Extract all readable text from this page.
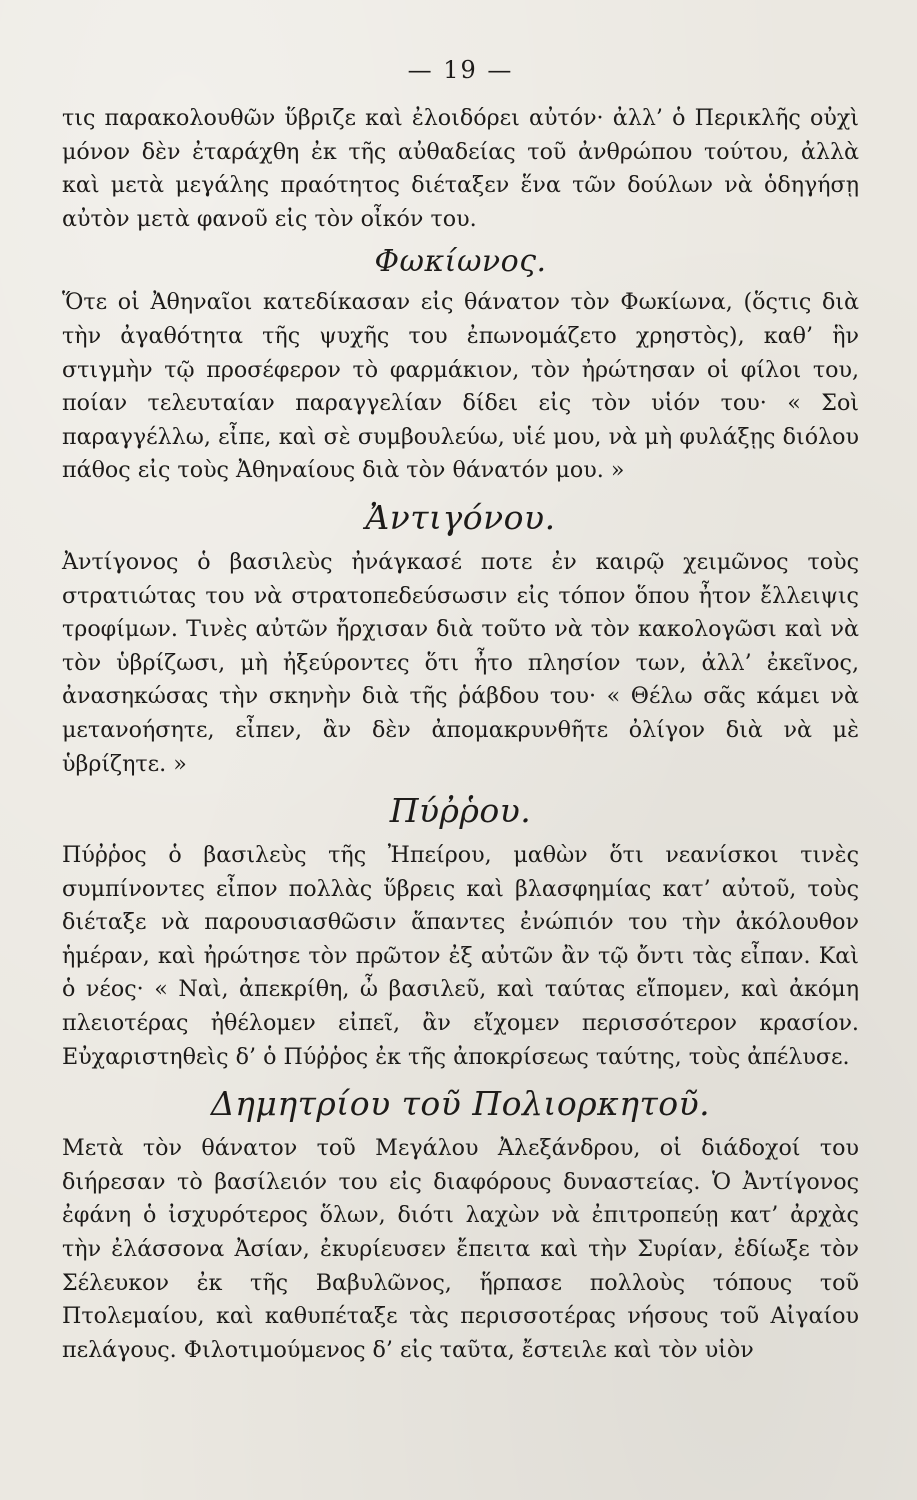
— 19 —

τις παρακολουθῶν ὕβριζε καὶ ἐλοιδόρει αὐτόν· ἀλλ’ ὁ Περικλῆς οὐχὶ μόνον δὲν ἐταράχθη ἐκ τῆς αὐθαδείας τοῦ ἀνθρώπου τούτου, ἀλλὰ καὶ μετὰ μεγάλης πραότητος διέταξεν ἕνα τῶν δούλων νὰ ὁδηγήσῃ αὐτὸν μετὰ φανοῦ εἰς τὸν οἶκόν του.

Φωκίωνος.

Ὅτε οἱ Ἀθηναῖοι κατεδίκασαν εἰς θάνατον τὸν Φωκίωνα, (ὅςτις διὰ τὴν ἀγαθότητα τῆς ψυχῆς του ἐπωνομάζετο χρηστὸς), καθ’ ἣν στιγμὴν τῷ προσέφερον τὸ φαρμάκιον, τὸν ἠρώτησαν οἱ φίλοι του, ποίαν τελευταίαν παραγγελίαν δίδει εἰς τὸν υἱόν του· « Σοὶ παραγγέλλω, εἶπε, καὶ σὲ συμβουλεύω, υἱέ μου, νὰ μὴ φυλάξῃς διόλου πάθος εἰς τοὺς Ἀθηναίους διὰ τὸν θάνατόν μου. »

Ἀντιγόνου.

Ἀντίγονος ὁ βασιλεὺς ἠνάγκασέ ποτε ἐν καιρῷ χειμῶνος τοὺς στρατιώτας του νὰ στρατοπεδεύσωσιν εἰς τόπον ὅπου ἦτον ἔλλειψις τροφίμων. Τινὲς αὐτῶν ἤρχισαν διὰ τοῦτο νὰ τὸν κακολογῶσι καὶ νὰ τὸν ὑβρίζωσι, μὴ ἠξεύροντες ὅτι ἦτο πλησίον των, ἀλλ’ ἐκεῖνος, ἀνασηκώσας τὴν σκηνὴν διὰ τῆς ῥάβδου του· « Θέλω σᾶς κάμει νὰ μετανοήσητε, εἶπεν, ἂν δὲν ἀπομακρυνθῆτε ὀλίγον διὰ νὰ μὲ ὑβρίζητε. »

Πύῤῥου.

Πύῤῥος ὁ βασιλεὺς τῆς Ἠπείρου, μαθὼν ὅτι νεανίσκοι τινὲς συμπίνοντες εἶπον πολλὰς ὕβρεις καὶ βλασφημίας κατ’ αὐτοῦ, τοὺς διέταξε νὰ παρουσιασθῶσιν ἅπαντες ἐνώπιόν του τὴν ἀκόλουθον ἡμέραν, καὶ ἠρώτησε τὸν πρῶτον ἐξ αὐτῶν ἂν τῷ ὄντι τὰς εἶπαν. Καὶ ὁ νέος· « Ναὶ, ἀπεκρίθη, ὦ βασιλεῦ, καὶ ταύτας εἴπομεν, καὶ ἀκόμη πλειοτέρας ἠθέλομεν εἰπεῖ, ἂν εἴχομεν περισσότερον κρασίον. Εὐχαριστηθεὶς δ’ ὁ Πύῤῥος ἐκ τῆς ἀποκρίσεως ταύτης, τοὺς ἀπέλυσε.

Δημητρίου τοῦ Πολιορκητοῦ.

Μετὰ τὸν θάνατον τοῦ Μεγάλου Ἀλεξάνδρου, οἱ διάδοχοί του διήρεσαν τὸ βασίλειόν του εἰς διαφόρους δυναστείας. Ὁ Ἀντίγονος ἐφάνη ὁ ἰσχυρότερος ὅλων, διότι λαχὼν νὰ ἐπιτροπεύῃ κατ’ ἀρχὰς τὴν ἐλάσσονα Ἀσίαν, ἐκυρίευσεν ἔπειτα καὶ τὴν Συρίαν, ἐδίωξε τὸν Σέλευκον ἐκ τῆς Βαβυλῶνος, ἥρπασε πολλοὺς τόπους τοῦ Πτολεμαίου, καὶ καθυπέταξε τὰς περισσοτέρας νήσους τοῦ Αἰγαίου πελάγους. Φιλοτιμούμενος δ’ εἰς ταῦτα, ἔστειλε καὶ τὸν υἱὸν
